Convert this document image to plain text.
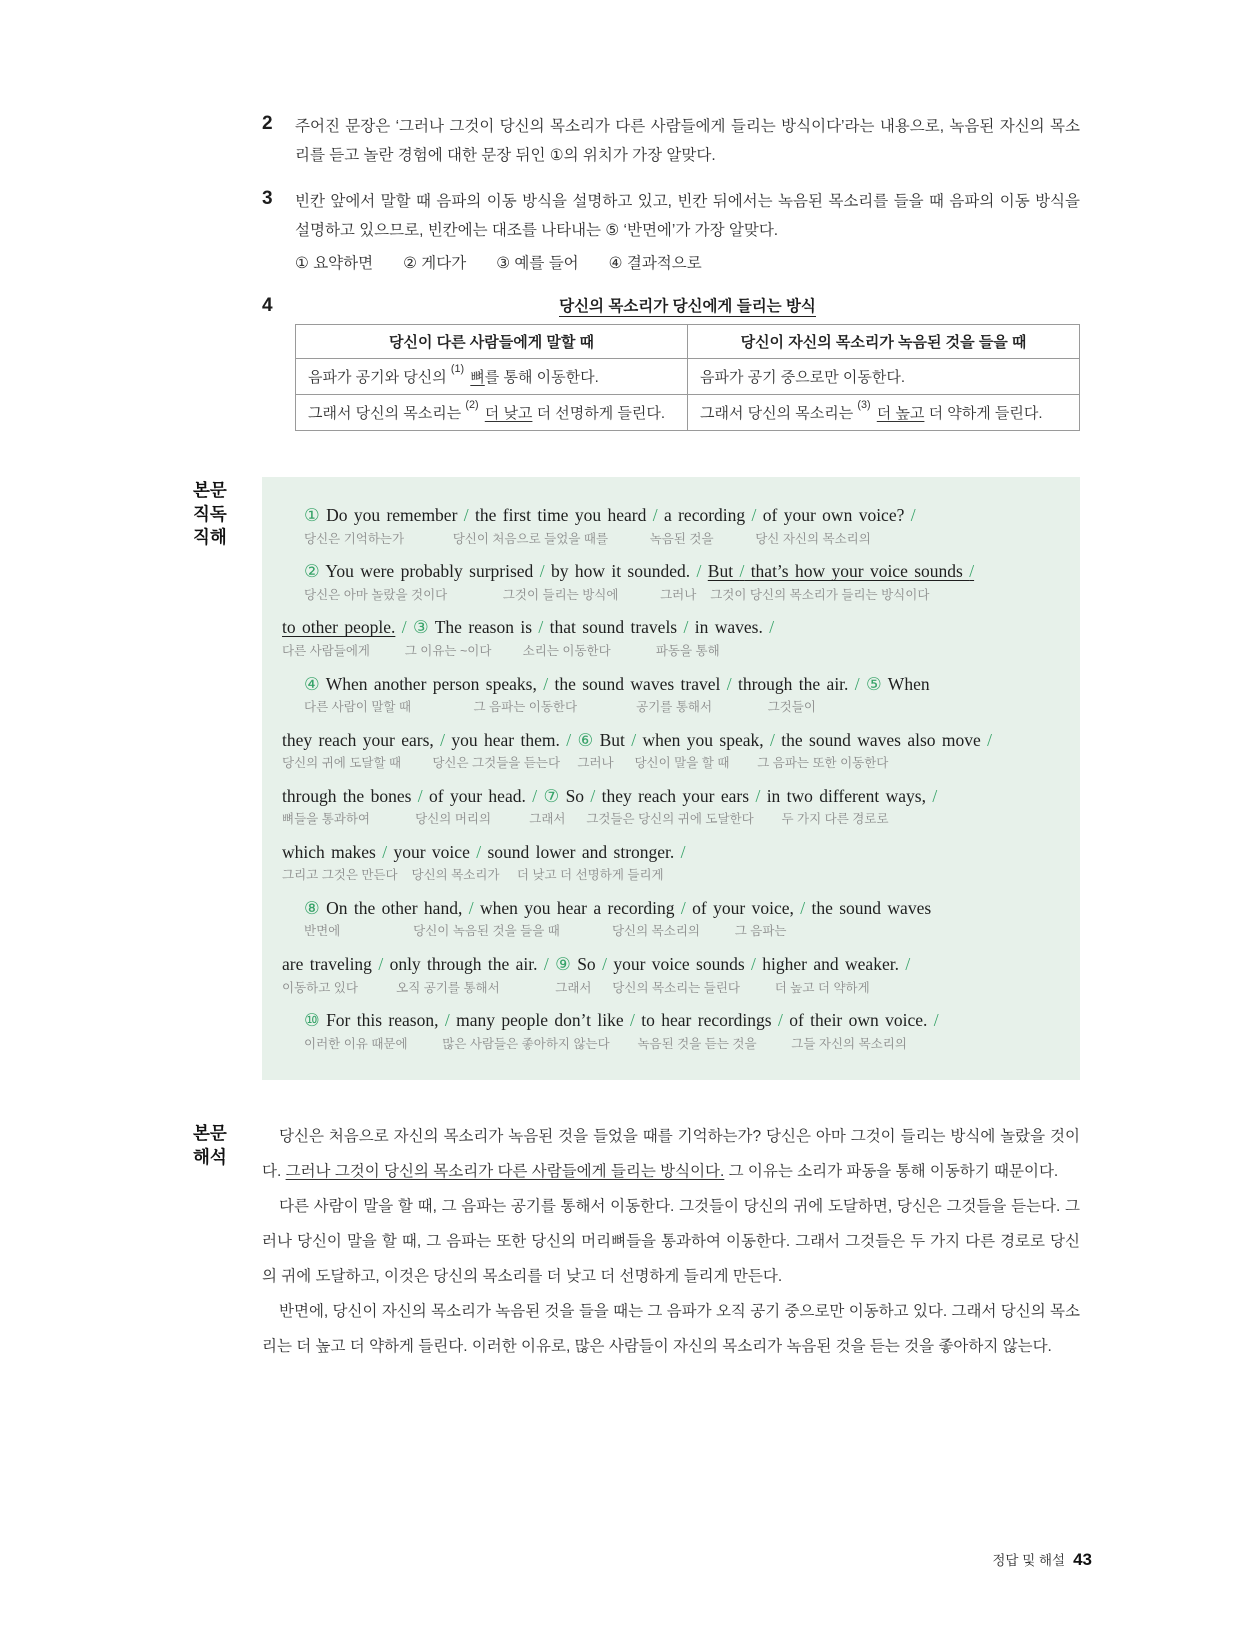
2	주어진 문장은 ‘그러나 그것이 당신의 목소리가 다른 사람들에게 들리는 방식이다’라는 내용으로, 녹음된 자신의 목소리를 듣고 놀란 경험에 대한 문장 뒤인 ①의 위치가 가장 알맞다.
3	빈칸 앞에서 말할 때 음파의 이동 방식을 설명하고 있고, 빈칸 뒤에서는 녹음된 목소리를 들을 때 음파의 이동 방식을 설명하고 있으므로, 빈칸에는 대조를 나타내는 ⑤ ‘반면에’가 가장 알맞다.
① 요약하면 ② 게다가 ③ 예를 들어 ④ 결과적으로
4	당신의 목소리가 당신에게 들리는 방식
당신이 다른 사람들에게 말할 때	당신이 자신의 목소리가 녹음된 것을 들을 때
음파가 공기와 당신의 $^{(1)}$ 뼈를 통해 이동한다.	음파가 공기 중으로만 이동한다.
그래서 당신의 목소리는 $^{(2)}$ 더 낮고 더 선명하게 들린다.	그래서 당신의 목소리는 $^{(3)}$ 더 높고 더 약하게 들린다.
본문
직독
직해
① Do you remember / the first time you heard / a recording / of your own voice? /
당신은 기억하는가              당신이 처음으로 들었을 때를            녹음된 것을            당신 자신의 목소리의
② You were probably surprised / by how it sounded. / But / that’s how your voice sounds /
당신은 아마 놀랐을 것이다                그것이 들리는 방식에            그러나    그것이 당신의 목소리가 들리는 방식이다
to other people. / ③ The reason is / that sound travels / in waves. /
다른 사람들에게          그 이유는 ~이다         소리는 이동한다             파동을 통해
④ When another person speaks, / the sound waves travel / through the air. / ⑤ When
다른 사람이 말할 때                  그 음파는 이동한다                 공기를 통해서                그것들이
they reach your ears, / you hear them. / ⑥ But / when you speak, / the sound waves also move /
당신의 귀에 도달할 때         당신은 그것들을 듣는다     그러나      당신이 말을 할 때        그 음파는 또한 이동한다
through the bones / of your head. / ⑦ So / they reach your ears / in two different ways, /
뼈들을 통과하여             당신의 머리의           그래서      그것들은 당신의 귀에 도달한다        두 가지 다른 경로로
which makes / your voice / sound lower and stronger. /
그리고 그것은 만든다    당신의 목소리가     더 낮고 더 선명하게 들리게
⑧ On the other hand, / when you hear a recording / of your voice, / the sound waves
반면에                     당신이 녹음된 것을 들을 때               당신의 목소리의          그 음파는
are traveling / only through the air. / ⑨ So / your voice sounds / higher and weaker. /
이동하고 있다           오직 공기를 통해서                그래서      당신의 목소리는 들린다          더 높고 더 약하게
⑩ For this reason, / many people don’t like / to hear recordings / of their own voice. /
이러한 이유 때문에          많은 사람들은 좋아하지 않는다        녹음된 것을 듣는 것을          그들 자신의 목소리의
본문
해석

당신은 처음으로 자신의 목소리가 녹음된 것을 들었을 때를 기억하는가? 당신은 아마 그것이 들리는 방식에 놀랐을 것이다. 그러나 그것이 당신의 목소리가 다른 사람들에게 들리는 방식이다. 그 이유는 소리가 파동을 통해 이동하기 때문이다.

다른 사람이 말을 할 때, 그 음파는 공기를 통해서 이동한다. 그것들이 당신의 귀에 도달하면, 당신은 그것들을 듣는다. 그러나 당신이 말을 할 때, 그 음파는 또한 당신의 머리뼈들을 통과하여 이동한다. 그래서 그것들은 두 가지 다른 경로로 당신의 귀에 도달하고, 이것은 당신의 목소리를 더 낮고 더 선명하게 들리게 만든다.

반면에, 당신이 자신의 목소리가 녹음된 것을 들을 때는 그 음파가 오직 공기 중으로만 이동하고 있다. 그래서 당신의 목소리는 더 높고 더 약하게 들린다. 이러한 이유로, 많은 사람들이 자신의 목소리가 녹음된 것을 듣는 것을 좋아하지 않는다.

정답 및 해설 43
